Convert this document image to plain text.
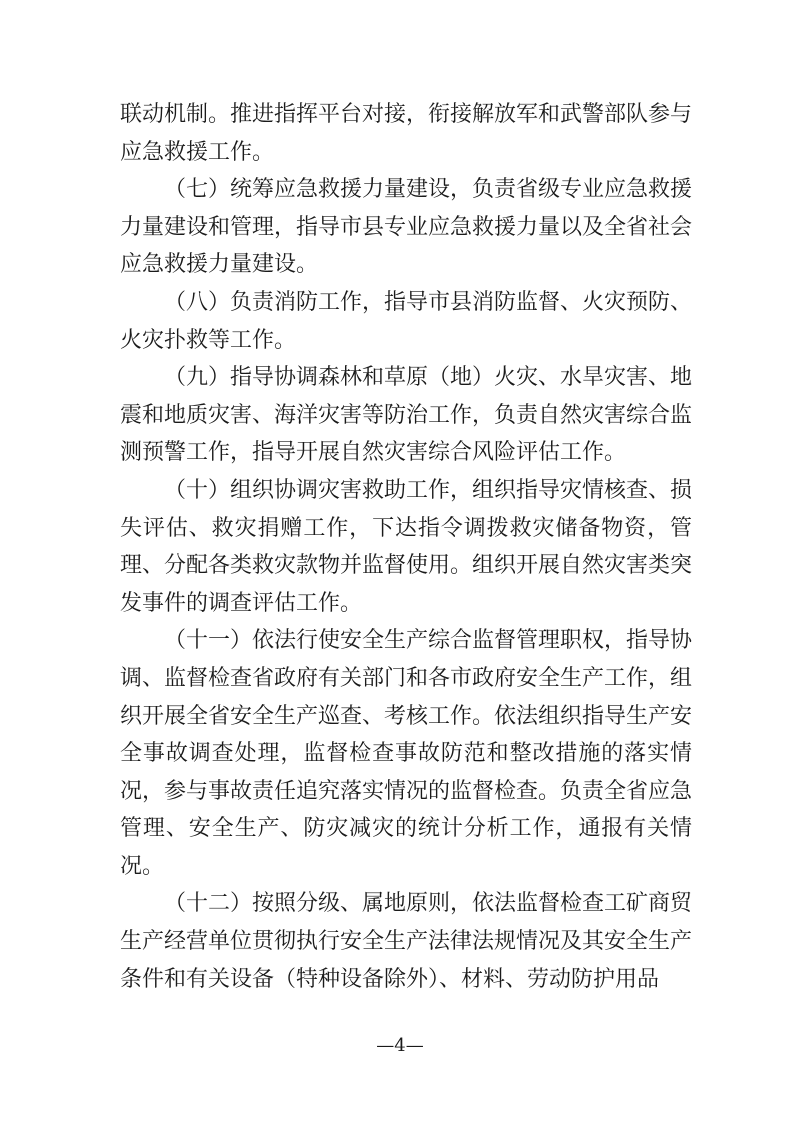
联动机制。推进指挥平台对接，衔接解放军和武警部队参与应急救援工作。

（七）统筹应急救援力量建设，负责省级专业应急救援力量建设和管理，指导市县专业应急救援力量以及全省社会应急救援力量建设。

（八）负责消防工作，指导市县消防监督、火灾预防、火灾扑救等工作。

（九）指导协调森林和草原（地）火灾、水旱灾害、地震和地质灾害、海洋灾害等防治工作，负责自然灾害综合监测预警工作，指导开展自然灾害综合风险评估工作。

（十）组织协调灾害救助工作，组织指导灾情核查、损失评估、救灾捐赠工作，下达指令调拨救灾储备物资，管理、分配各类救灾款物并监督使用。组织开展自然灾害类突发事件的调查评估工作。

（十一）依法行使安全生产综合监督管理职权，指导协调、监督检查省政府有关部门和各市政府安全生产工作，组织开展全省安全生产巡查、考核工作。依法组织指导生产安全事故调查处理，监督检查事故防范和整改措施的落实情况，参与事故责任追究落实情况的监督检查。负责全省应急管理、安全生产、防灾减灾的统计分析工作，通报有关情况。

（十二）按照分级、属地原则，依法监督检查工矿商贸生产经营单位贯彻执行安全生产法律法规情况及其安全生产条件和有关设备（特种设备除外）、材料、劳动防护用品

—4—
